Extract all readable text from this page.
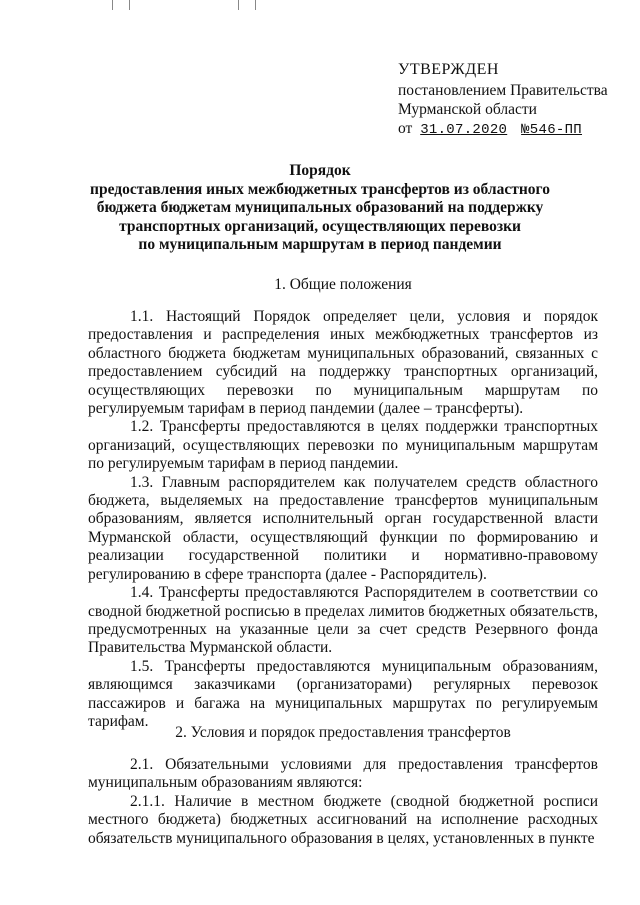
УТВЕРЖДЕН
постановлением Правительства
Мурманской области
от 31.07.2020 №546-ПП
Порядок
предоставления иных межбюджетных трансфертов из областного
бюджета бюджетам муниципальных образований на поддержку
транспортных организаций, осуществляющих перевозки
по муниципальным маршрутам в период пандемии
1. Общие положения

1.1. Настоящий Порядок определяет цели, условия и порядок предоставления и распределения иных межбюджетных трансфертов из областного бюджета бюджетам муниципальных образований, связанных с предоставлением субсидий на поддержку транспортных организаций, осуществляющих перевозки по муниципальным маршрутам по регулируемым тарифам в период пандемии (далее – трансферты).

1.2. Трансферты предоставляются в целях поддержки транспортных организаций, осуществляющих перевозки по муниципальным маршрутам по регулируемым тарифам в период пандемии.

1.3. Главным распорядителем как получателем средств областного бюджета, выделяемых на предоставление трансфертов муниципальным образованиям, является исполнительный орган государственной власти Мурманской области, осуществляющий функции по формированию и реализации государственной политики и нормативно-правовому регулированию в сфере транспорта (далее - Распорядитель).

1.4. Трансферты предоставляются Распорядителем в соответствии со сводной бюджетной росписью в пределах лимитов бюджетных обязательств, предусмотренных на указанные цели за счет средств Резервного фонда Правительства Мурманской области.

1.5. Трансферты предоставляются муниципальным образованиям, являющимся заказчиками (организаторами) регулярных перевозок пассажиров и багажа на муниципальных маршрутах по регулируемым тарифам.

2. Условия и порядок предоставления трансфертов

2.1. Обязательными условиями для предоставления трансфертов муниципальным образованиям являются:

2.1.1. Наличие в местном бюджете (сводной бюджетной росписи местного бюджета) бюджетных ассигнований на исполнение расходных обязательств муниципального образования в целях, установленных в пункте
